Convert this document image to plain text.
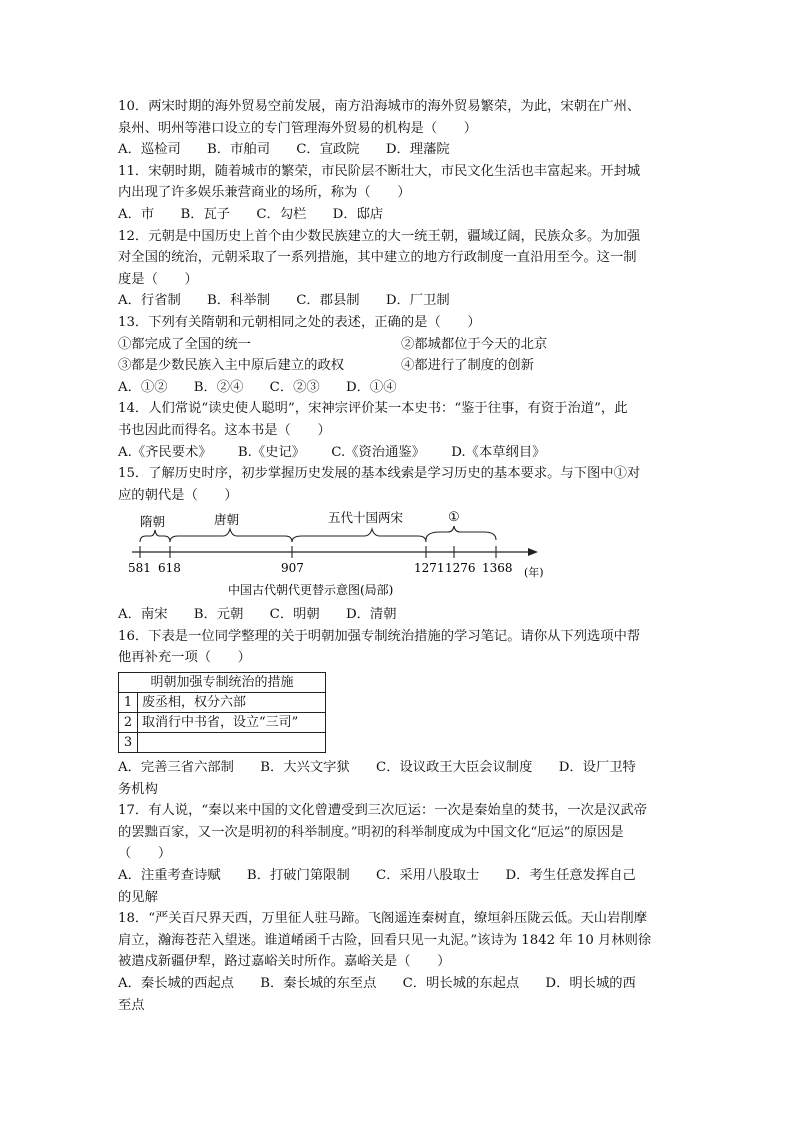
10．两宋时期的海外贸易空前发展，南方沿海城市的海外贸易繁荣，为此，宋朝在广州、
泉州、明州等港口设立的专门管理海外贸易的机构是（　　）
A．巡检司 B．市舶司 C．宣政院 D．理藩院
11．宋朝时期，随着城市的繁荣，市民阶层不断壮大，市民文化生活也丰富起来。开封城
内出现了许多娱乐兼营商业的场所，称为（　　）
A．市 B．瓦子 C．勾栏 D．邸店
12．元朝是中国历史上首个由少数民族建立的大一统王朝，疆域辽阔，民族众多。为加强
对全国的统治，元朝采取了一系列措施，其中建立的地方行政制度一直沿用至今。这一制
度是（　　）
A．行省制 B．科举制 C．郡县制 D．厂卫制
13．下列有关隋朝和元朝相同之处的表述，正确的是（　　）
①都完成了全国的统一	②都城都位于今天的北京
③都是少数民族入主中原后建立的政权	④都进行了制度的创新
A．①② B．②④ C．②③ D．①④
14．人们常说“读史使人聪明”，宋神宗评价某一本史书：“鉴于往事，有资于治道”，此
书也因此而得名。这本书是（　　）
A.《齐民要术》 B.《史记》 C.《资治通鉴》 D.《本草纲目》
15．了解历史时序，初步掌握历史发展的基本线索是学习历史的基本要求。与下图中①对
应的朝代是（　　）
隋朝	唐朝	五代十国两宋	①
581 618	907	1271 1276 1368 (年)
中国古代朝代更替示意图(局部)
A．南宋 B．元朝 C．明朝 D．清朝
16．下表是一位同学整理的关于明朝加强专制统治措施的学习笔记。请你从下列选项中帮
他再补充一项（　　）
明朝加强专制统治的措施	
1	废丞相，权分六部
2	取消行中书省，设立“三司”
3	
A．完善三省六部制 B．大兴文字狱 C．设议政王大臣会议制度 D．设厂卫特
务机构
17．有人说，“秦以来中国的文化曾遭受到三次厄运：一次是秦始皇的焚书，一次是汉武帝
的罢黜百家，又一次是明初的科举制度。”明初的科举制度成为中国文化“厄运”的原因是
（　　）
A．注重考查诗赋 B．打破门第限制 C．采用八股取士 D．考生任意发挥自己
的见解
18．“严关百尺界天西，万里征人驻马蹄。飞阁遥连秦树直，缭垣斜压陇云低。天山岩削摩
肩立，瀚海苍茫入望迷。谁道崤函千古险，回看只见一丸泥。”该诗为 1842 年 10 月林则徐
被遣戍新疆伊犁，路过嘉峪关时所作。嘉峪关是（　　）
A．秦长城的西起点 B．秦长城的东至点 C．明长城的东起点 D．明长城的西
至点
